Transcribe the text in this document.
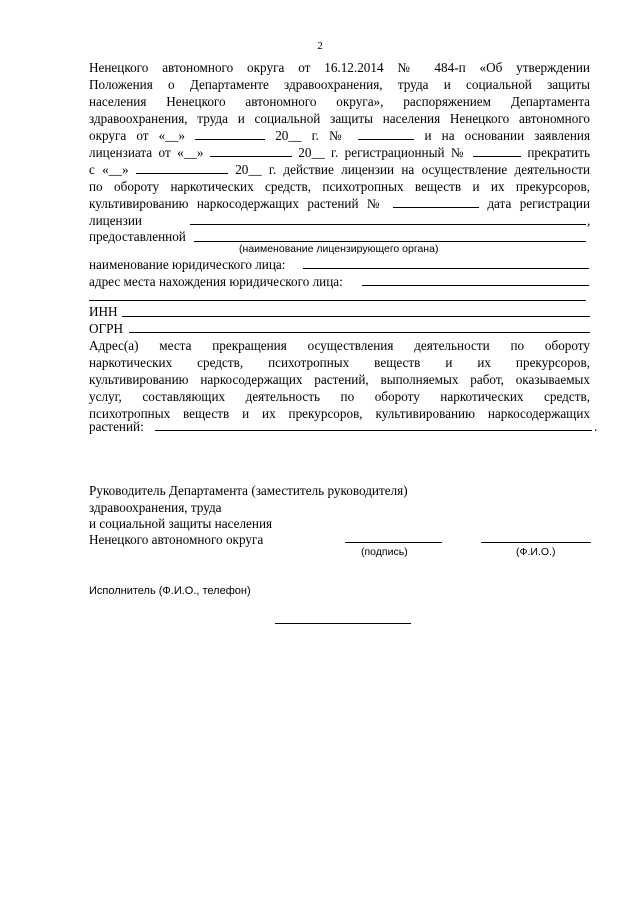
2
Ненецкого автономного округа от 16.12.2014 № 484-п «Об утверждении
Положения о Департаменте здравоохранения, труда и социальной защиты
населения Ненецкого автономного округа», распоряжением Департамента
здравоохранения, труда и социальной защиты населения Ненецкого автономного
округа от «__»	20__ г. №	и на основании заявления
лицензиата от «__»	20__ г. регистрационный №	прекратить
с «__»	20__ г. действие лицензии на осуществление деятельности
по обороту наркотических средств, психотропных веществ и их прекурсоров,
культивированию наркосодержащих растений №	дата регистрации
лицензии	,
предоставленной
(наименование лицензирующего органа)
наименование юридического лица:
адрес места нахождения юридического лица:
ИНН
ОГРН
Адрес(а) места прекращения осуществления деятельности по обороту
наркотических средств, психотропных веществ и их прекурсоров,
культивированию наркосодержащих растений, выполняемых работ, оказываемых
услуг, составляющих деятельность по обороту наркотических средств,
психотропных веществ и их прекурсоров, культивированию наркосодержащих
растений:	.
Руководитель Департамента (заместитель руководителя)
здравоохранения, труда
и социальной защиты населения
Ненецкого автономного округа
(подпись)	(Ф.И.О.)
Исполнитель (Ф.И.О., телефон)
